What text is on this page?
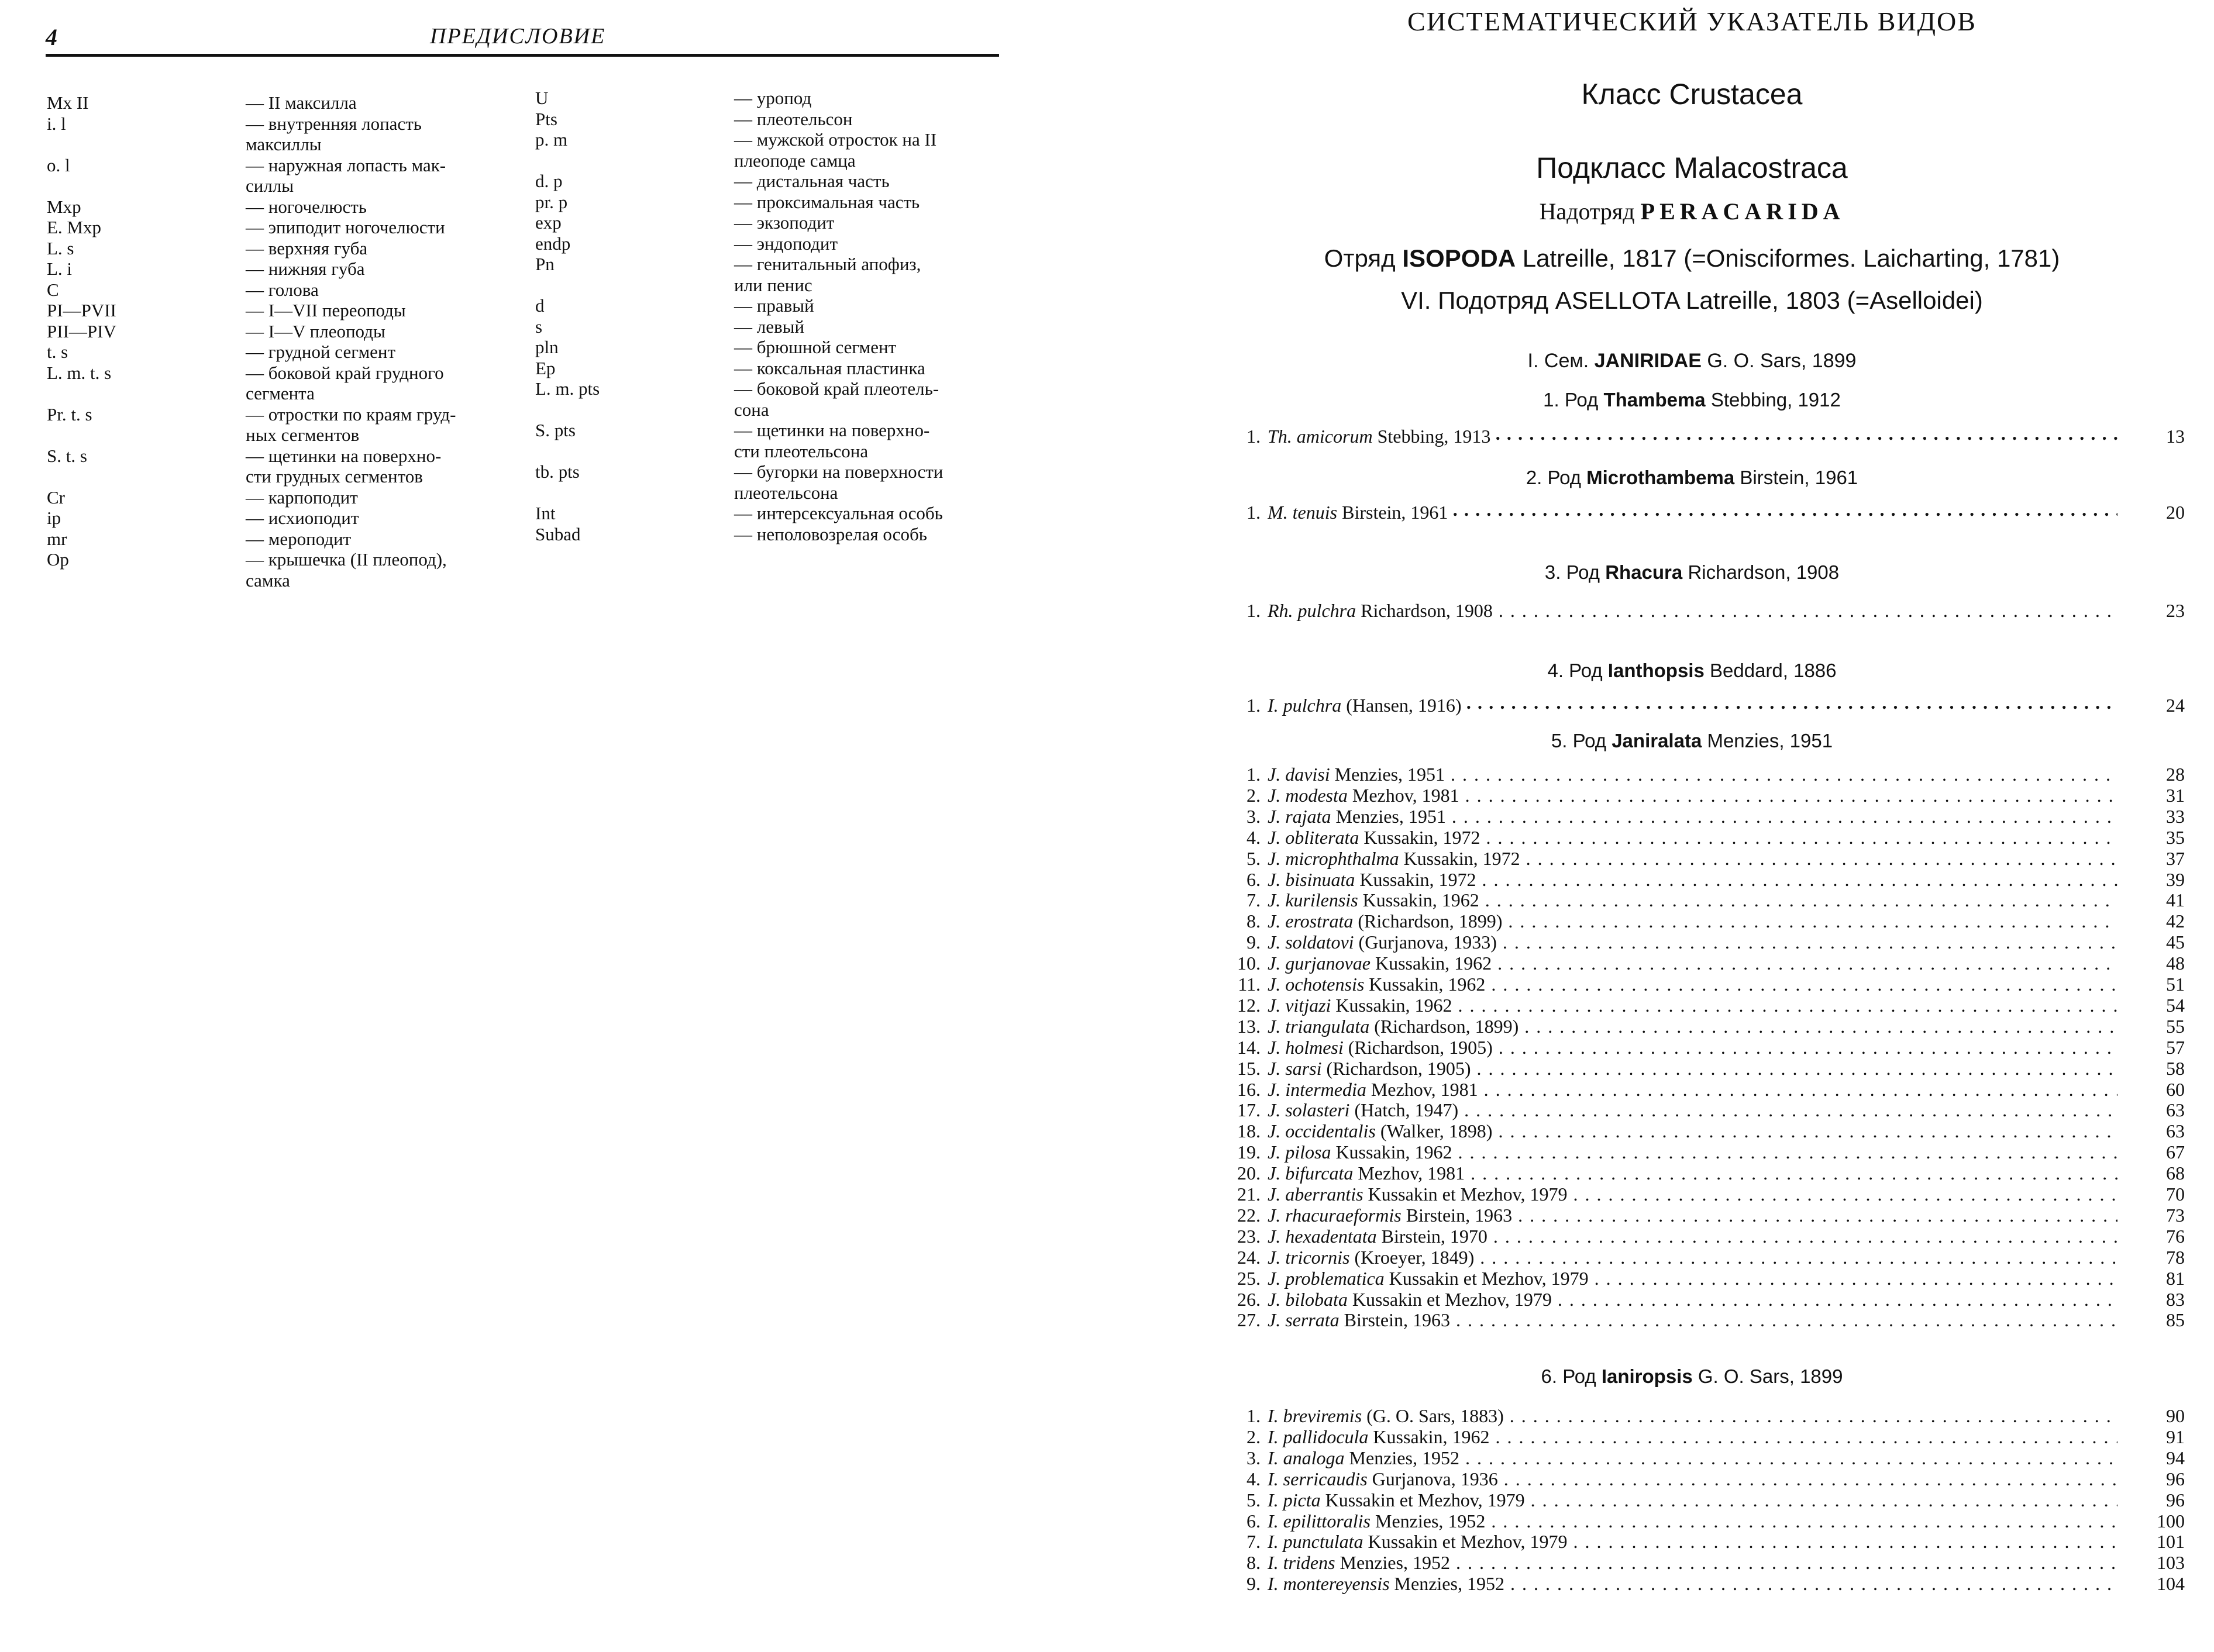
4	ПРЕДИСЛОВИЕ
Mx II	— II максилла
i. l	— внутренняя лопасть
максиллы
o. l	— наружная лопасть мак-
силлы
Mxp	— ногочелюсть
E. Mxp	— эпиподит ногочелюсти
L. s	— верхняя губа
L. i	— нижняя губа
C	— голова
PI—PVII	— I—VII переоподы
PII—PIV	— I—V плеоподы
t. s	— грудной сегмент
L. m. t. s	— боковой край грудного
сегмента
Pr. t. s	— отростки по краям груд-
ных сегментов
S. t. s	— щетинки на поверхно-
сти грудных сегментов
Cr	— карпоподит
ip	— исхиоподит
mr	— мероподит
Op	— крышечка (II плеопод),
самка
U	— уропод
Pts	— плеотельсон
p. m	— мужской отросток на II
плеоподе самца
d. p	— дистальная часть
pr. p	— проксимальная часть
exp	— экзоподит
endp	— эндоподит
Pn	— генитальный апофиз,
или пенис
d	— правый
s	— левый
pln	— брюшной сегмент
Ep	— коксальная пластинка
L. m. pts	— боковой край плеотель-
сона
S. pts	— щетинки на поверхно-
сти плеотельсона
tb. pts	— бугорки на поверхности
плеотельсона
Int	— интерсексуальная особь
Subad	— неполовозрелая особь
СИСТЕМАТИЧЕСКИЙ УКАЗАТЕЛЬ ВИДОВ
Класс Crustacea
Подкласс Malacostraca
Надотряд PERACARIDA
Отряд ISOPODA Latreille, 1817 (=Onisciformes. Laicharting, 1781)
VI. Подотряд ASELLOTA Latreille, 1803 (=Aselloidei)
I. Сем. JANIRIDAE G. O. Sars, 1899
1. Род Thambema Stebbing, 1912
1. Th. amicorum Stebbing, 1913 • • •	13
2. Род Microthambema Birstein, 1961
1. M. tenuis Birstein, 1961 • • •	20
3. Род Rhacura Richardson, 1908
1. Rh. pulchra Richardson, 1908 . . .	23
4. Род Ianthopsis Beddard, 1886
1. I. pulchra (Hansen, 1916) • • •	24
5. Род Janiralata Menzies, 1951
1. J. davisi Menzies, 1951 . . .	28
2. J. modesta Mezhov, 1981 . . .	31
3. J. rajata Menzies, 1951 . . .	33
4. J. obliterata Kussakin, 1972 . . .	35
5. J. microphthalma Kussakin, 1972 . . .	37
6. J. bisinuata Kussakin, 1972 . . .	39
7. J. kurilensis Kussakin, 1962 . . .	41
8. J. erostrata (Richardson, 1899) . . .	42
9. J. soldatovi (Gurjanova, 1933) . . .	45
10. J. gurjanovae Kussakin, 1962 . . .	48
11. J. ochotensis Kussakin, 1962 . . .	51
12. J. vitjazi Kussakin, 1962 . . .	54
13. J. triangulata (Richardson, 1899) . . .	55
14. J. holmesi (Richardson, 1905) . . .	57
15. J. sarsi (Richardson, 1905) . . .	58
16. J. intermedia Mezhov, 1981 . . .	60
17. J. solasteri (Hatch, 1947) . . .	63
18. J. occidentalis (Walker, 1898) . . .	63
19. J. pilosa Kussakin, 1962 . . .	67
20. J. bifurcata Mezhov, 1981 . . .	68
21. J. aberrantis Kussakin et Mezhov, 1979 . . .	70
22. J. rhacuraeformis Birstein, 1963 . . .	73
23. J. hexadentata Birstein, 1970 . . .	76
24. J. tricornis (Kroeyer, 1849) . . .	78
25. J. problematica Kussakin et Mezhov, 1979 . . .	81
26. J. bilobata Kussakin et Mezhov, 1979 . . .	83
27. J. serrata Birstein, 1963 . . .	85
6. Род Ianiropsis G. O. Sars, 1899
1. I. breviremis (G. O. Sars, 1883) . . .	90
2. I. pallidocula Kussakin, 1962 . . .	91
3. I. analoga Menzies, 1952 . . .	94
4. I. serricaudis Gurjanova, 1936 . . .	96
5. I. picta Kussakin et Mezhov, 1979 . . .	96
6. I. epilittoralis Menzies, 1952 . . .	100
7. I. punctulata Kussakin et Mezhov, 1979 . . .	101
8. I. tridens Menzies, 1952 . . .	103
9. I. montereyensis Menzies, 1952 . . .	104
